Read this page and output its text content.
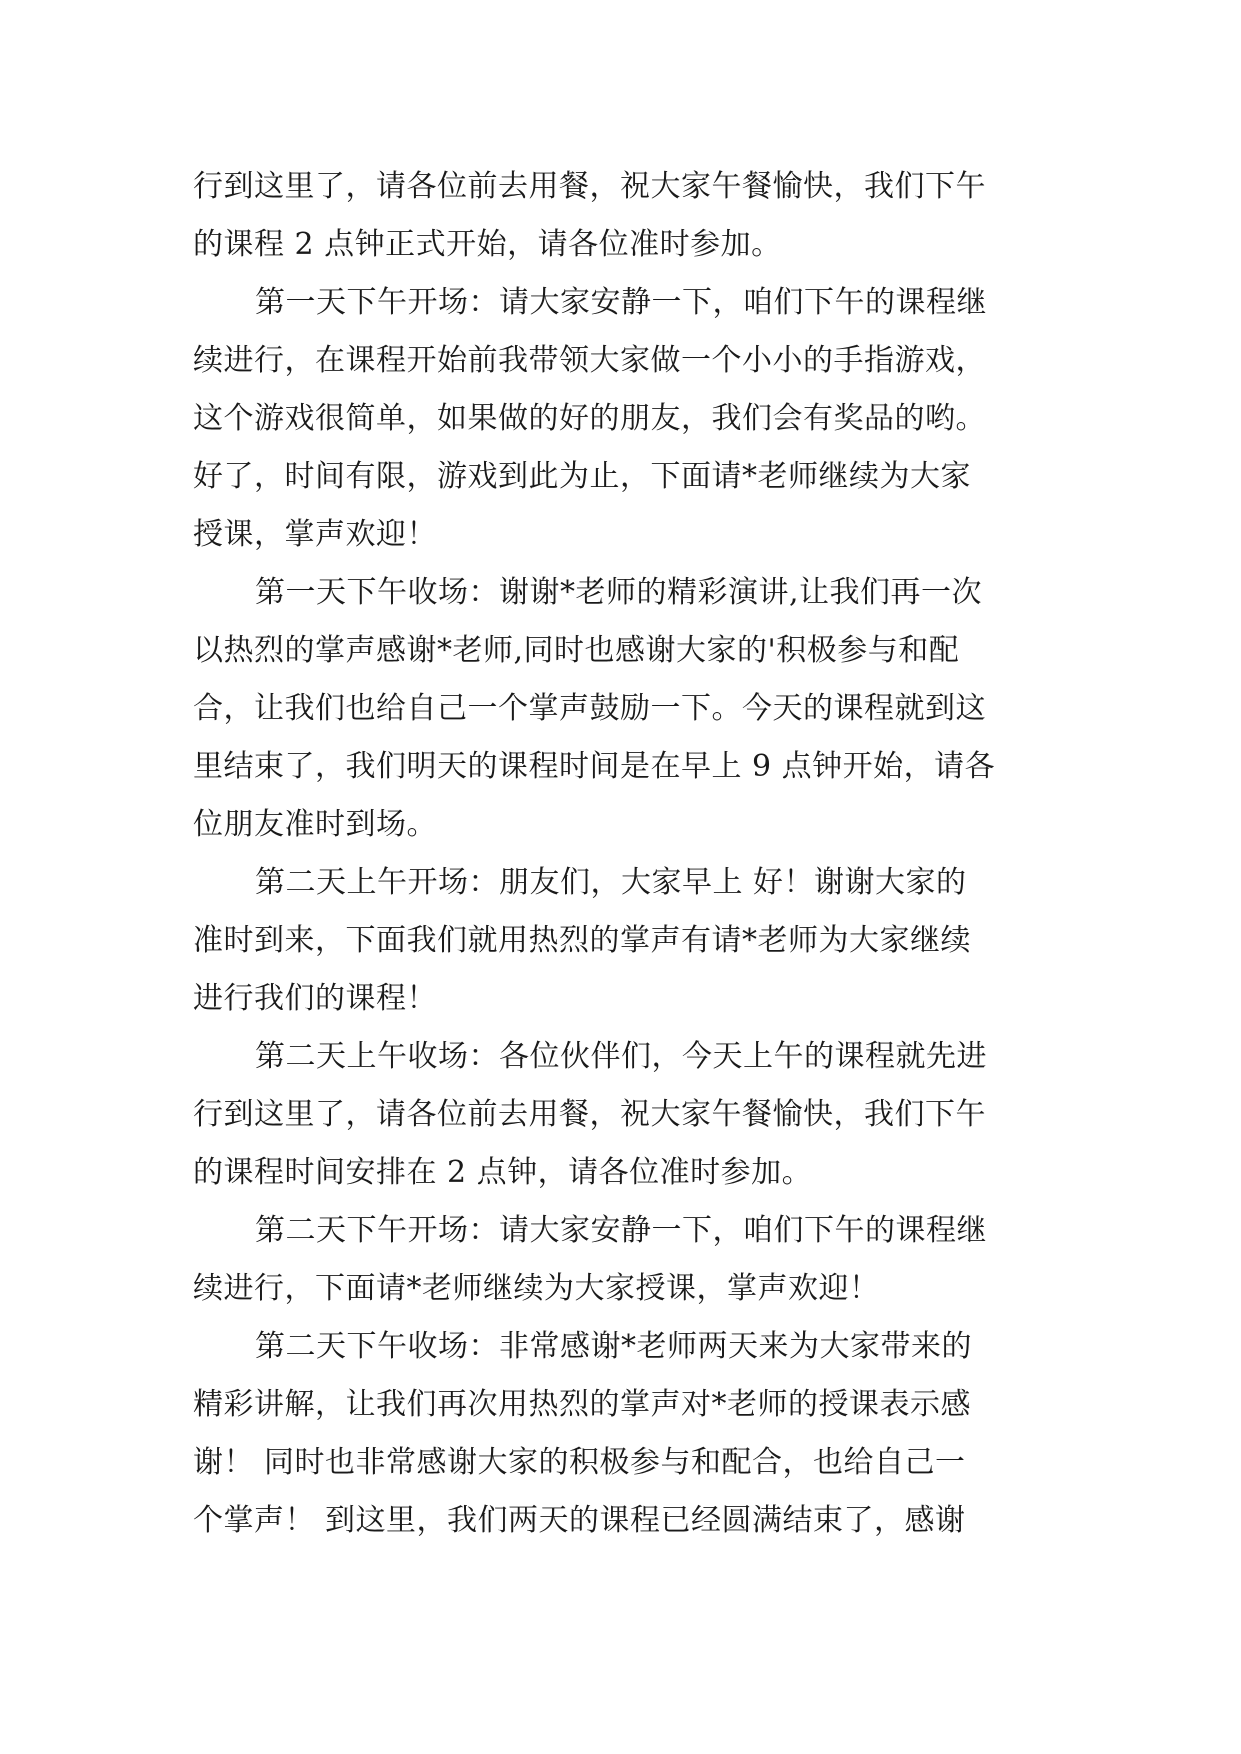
行到这里了，请各位前去用餐，祝大家午餐愉快，我们下午
的课程 2 点钟正式开始，请各位准时参加。
第一天下午开场：请大家安静一下，咱们下午的课程继
续进行，在课程开始前我带领大家做一个小小的手指游戏，
这个游戏很简单，如果做的好的朋友，我们会有奖品的哟。
好了，时间有限，游戏到此为止，下面请*老师继续为大家
授课，掌声欢迎！
第一天下午收场：谢谢*老师的精彩演讲,让我们再一次
以热烈的掌声感谢*老师,同时也感谢大家的'积极参与和配
合，让我们也给自己一个掌声鼓励一下。今天的课程就到这
里结束了，我们明天的课程时间是在早上 9 点钟开始，请各
位朋友准时到场。
第二天上午开场：朋友们，大家早上 好！谢谢大家的
准时到来，下面我们就用热烈的掌声有请*老师为大家继续
进行我们的课程！
第二天上午收场：各位伙伴们，今天上午的课程就先进
行到这里了，请各位前去用餐，祝大家午餐愉快，我们下午
的课程时间安排在 2 点钟，请各位准时参加。
第二天下午开场：请大家安静一下，咱们下午的课程继
续进行，下面请*老师继续为大家授课，掌声欢迎！
第二天下午收场：非常感谢*老师两天来为大家带来的
精彩讲解，让我们再次用热烈的掌声对*老师的授课表示感
谢！ 同时也非常感谢大家的积极参与和配合，也给自己一
个掌声！ 到这里，我们两天的课程已经圆满结束了，感谢
